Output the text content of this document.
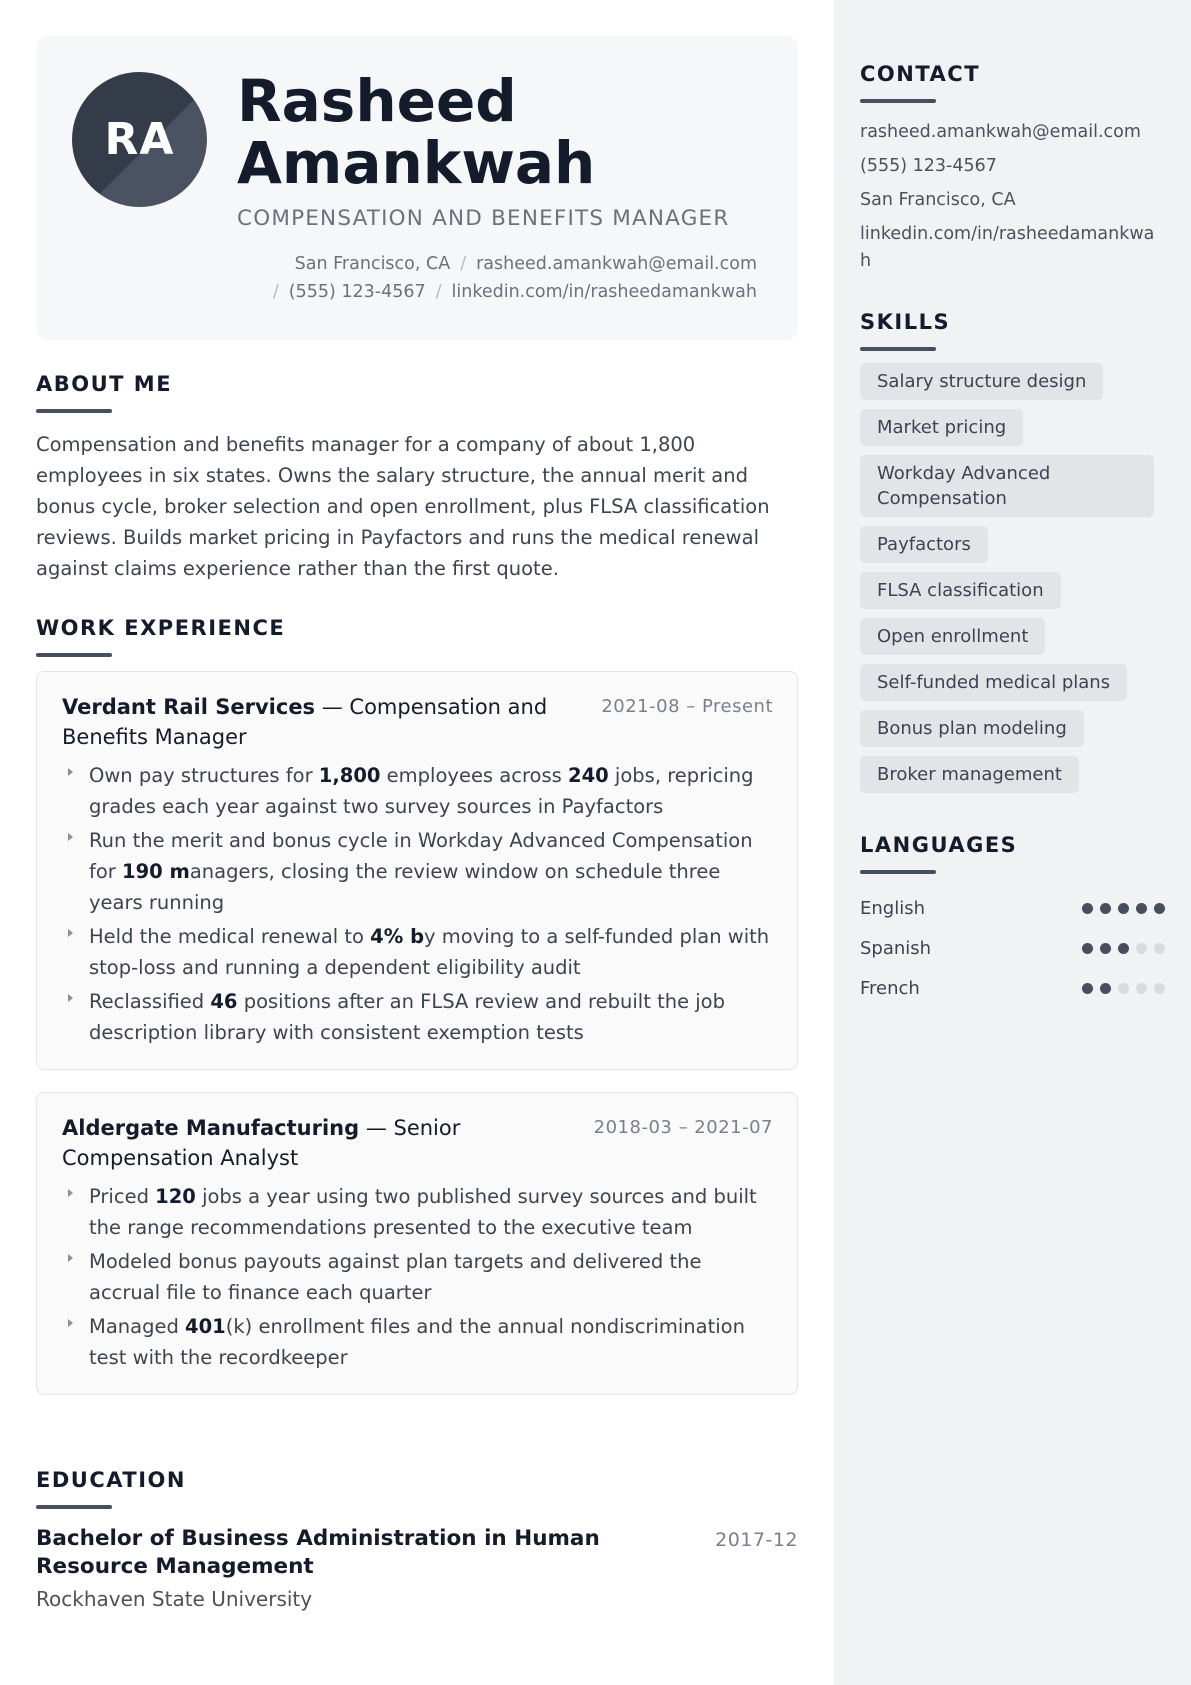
CONTACT
rasheed.amankwah@email.com
(555) 123-4567
San Francisco, CA
linkedin.com/in/rasheedamankwah
SKILLS
Salary structure design
Market pricing
Workday Advanced Compensation
Payfactors
FLSA classification
Open enrollment
Self-funded medical plans
Bonus plan modeling
Broker management
LANGUAGES
English
Spanish
French
RA
Rasheed Amankwah
COMPENSATION AND BENEFITS MANAGER
San Francisco, CA / rasheed.amankwah@email.com
/ (555) 123-4567 / linkedin.com/in/rasheedamankwah
ABOUT ME

Compensation and benefits manager for a company of about 1,800 employees in six states. Owns the salary structure, the annual merit and bonus cycle, broker selection and open enrollment, plus FLSA classification reviews. Builds market pricing in Payfactors and runs the medical renewal against claims experience rather than the first quote.

WORK EXPERIENCE
Verdant Rail Services — Compensation and Benefits Manager
2021-08 – Present
Own pay structures for 1,800 employees across 240 jobs, repricing grades each year against two survey sources in Payfactors
Run the merit and bonus cycle in Workday Advanced Compensation for 190 managers, closing the review window on schedule three years running
Held the medical renewal to 4% by moving to a self-funded plan with stop-loss and running a dependent eligibility audit
Reclassified 46 positions after an FLSA review and rebuilt the job description library with consistent exemption tests
Aldergate Manufacturing — Senior Compensation Analyst
2018-03 – 2021-07
Priced 120 jobs a year using two published survey sources and built the range recommendations presented to the executive team
Modeled bonus payouts against plan targets and delivered the accrual file to finance each quarter
Managed 401(k) enrollment files and the annual nondiscrimination test with the recordkeeper
EDUCATION
Bachelor of Business Administration in Human Resource Management
2017-12
Rockhaven State University
